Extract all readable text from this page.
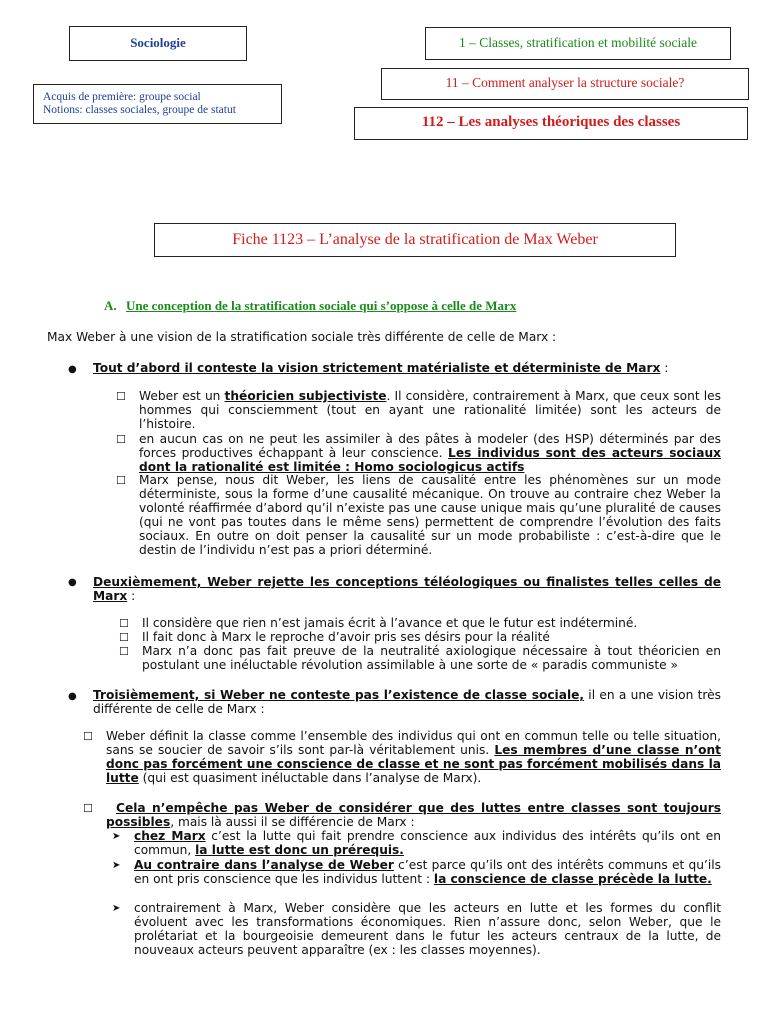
Sociologie	1 – Classes, stratification et mobilité sociale
11 – Comment analyser la structure sociale?
Acquis de première: groupe social
Notions: classes sociales, groupe de statut
112 – Les analyses théoriques des classes
Fiche 1123 – L’analyse de la stratification de Max Weber
A. Une conception de la stratification sociale qui s’oppose à celle de Marx
Max Weber à une vision de la stratification sociale très différente de celle de Marx :
● Tout d’abord il conteste la vision strictement matérialiste et déterministe de Marx :
☐ Weber est un théoricien subjectiviste. Il considère, contrairement à Marx, que ceux sont les hommes qui consciemment (tout en ayant une rationalité limitée) sont les acteurs de l’histoire.
☐ en aucun cas on ne peut les assimiler à des pâtes à modeler (des HSP) déterminés par des forces productives échappant à leur conscience. Les individus sont des acteurs sociaux dont la rationalité est limitée : Homo sociologicus actifs
☐ Marx pense, nous dit Weber, les liens de causalité entre les phénomènes sur un mode déterministe, sous la forme d’une causalité mécanique. On trouve au contraire chez Weber la volonté réaffirmée d’abord qu’il n’existe pas une cause unique mais qu’une pluralité de causes (qui ne vont pas toutes dans le même sens) permettent de comprendre l’évolution des faits sociaux. En outre on doit penser la causalité sur un mode probabiliste : c’est-à-dire que le destin de l’individu n’est pas a priori déterminé.
● Deuxièmement, Weber rejette les conceptions téléologiques ou finalistes telles celles de Marx :
☐ Il considère que rien n’est jamais écrit à l’avance et que le futur est indéterminé.
☐ Il fait donc à Marx le reproche d’avoir pris ses désirs pour la réalité
☐ Marx n’a donc pas fait preuve de la neutralité axiologique nécessaire à tout théoricien en postulant une inéluctable révolution assimilable à une sorte de « paradis communiste »
● Troisièmement, si Weber ne conteste pas l’existence de classe sociale, il en a une vision très différente de celle de Marx :
☐ Weber définit la classe comme l’ensemble des individus qui ont en commun telle ou telle situation, sans se soucier de savoir s’ils sont par-là véritablement unis. Les membres d’une classe n’ont donc pas forcément une conscience de classe et ne sont pas forcément mobilisés dans la lutte (qui est quasiment inéluctable dans l’analyse de Marx).
☐	Cela n’empêche pas Weber de considérer que des luttes entre classes sont toujours possibles, mais là aussi il se différencie de Marx :
➤ chez Marx c’est la lutte qui fait prendre conscience aux individus des intérêts qu’ils ont en commun, la lutte est donc un prérequis.
➤ Au contraire dans l’analyse de Weber c’est parce qu’ils ont des intérêts communs et qu’ils en ont pris conscience que les individus luttent : la conscience de classe précède la lutte.
➤ contrairement à Marx, Weber considère que les acteurs en lutte et les formes du conflit évoluent avec les transformations économiques. Rien n’assure donc, selon Weber, que le prolétariat et la bourgeoisie demeurent dans le futur les acteurs centraux de la lutte, de nouveaux acteurs peuvent apparaître (ex : les classes moyennes).
